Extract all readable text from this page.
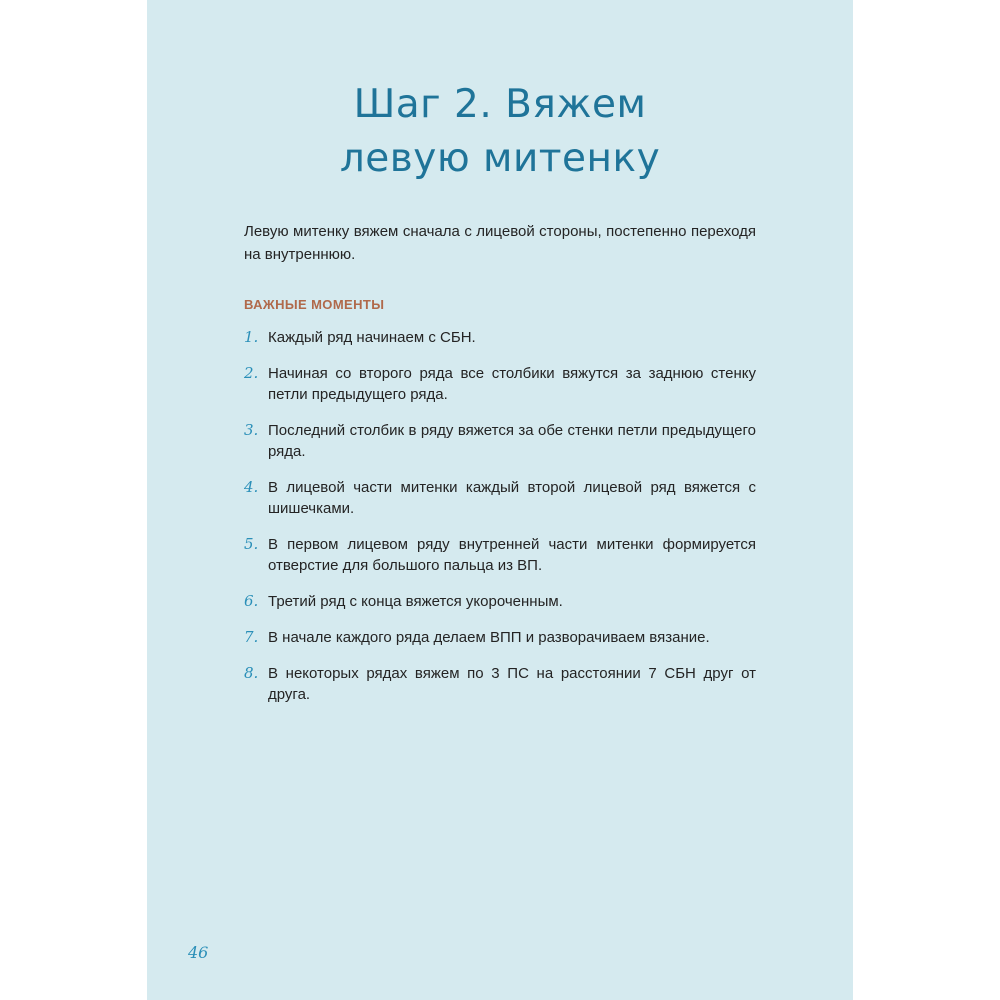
Шаг 2. Вяжем
левую митенку

Левую митенку вяжем сначала с лицевой стороны, постепенно переходя на внутреннюю.

ВАЖНЫЕ МОМЕНТЫ
1. Каждый ряд начинаем с СБН.
2. Начиная со второго ряда все столбики вяжутся за заднюю стенку петли предыдущего ряда.
3. Последний столбик в ряду вяжется за обе стенки петли предыдущего ряда.
4. В лицевой части митенки каждый второй лицевой ряд вяжется с шишечками.
5. В первом лицевом ряду внутренней части митенки формируется отверстие для большого пальца из ВП.
6. Третий ряд с конца вяжется укороченным.
7. В начале каждого ряда делаем ВПП и разворачиваем вязание.
8. В некоторых рядах вяжем по 3 ПС на расстоянии 7 СБН друг от друга.
46
